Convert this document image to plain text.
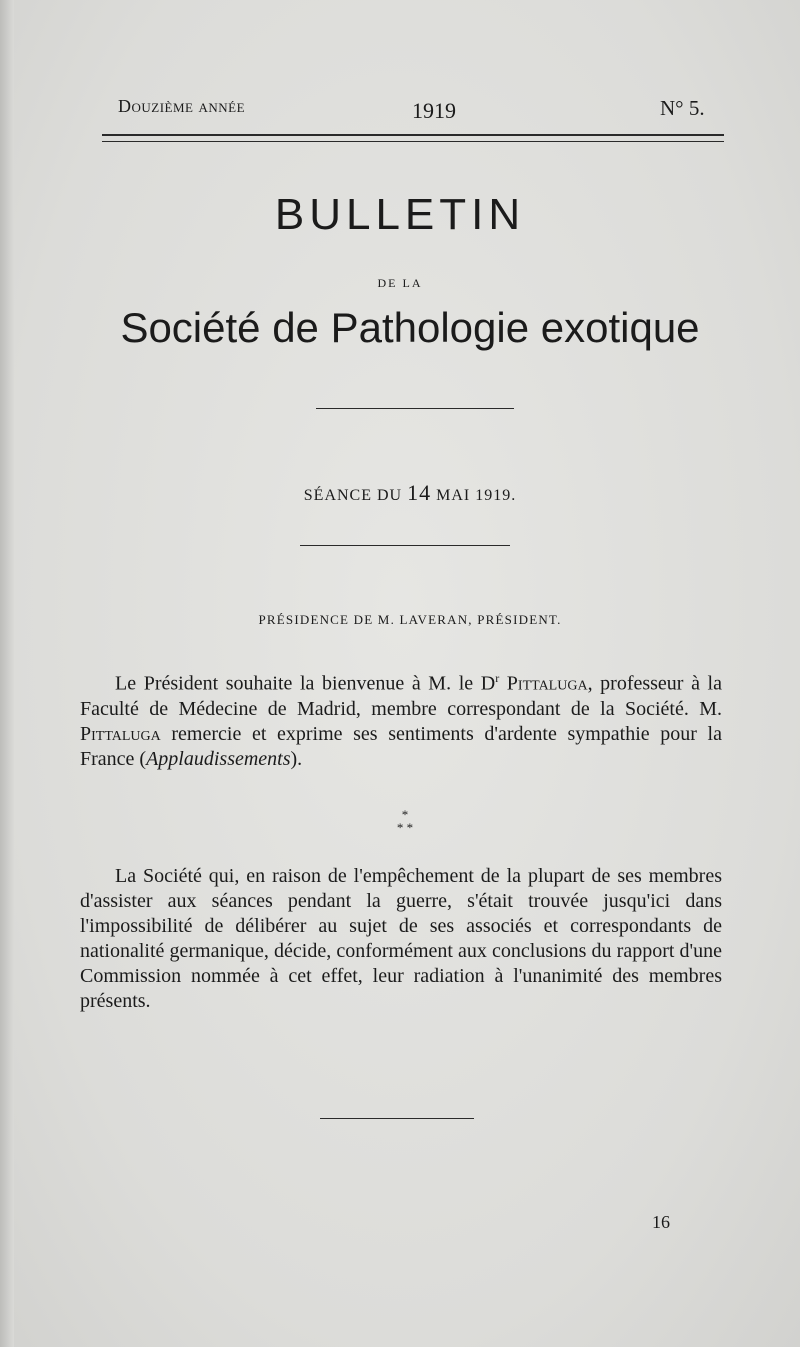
Douzième année	1919	N° 5.
BULLETIN
DE LA
Société de Pathologie exotique
SÉANCE DU 14 MAI 1919.
PRÉSIDENCE DE M. LAVERAN, PRÉSIDENT.

Le Président souhaite la bienvenue à M. le $D^r$ Pittaluga, professeur à la Faculté de Médecine de Madrid, membre correspondant de la Société. M. Pittaluga remercie et exprime ses sentiments d'ardente sympathie pour la France (Applaudissements).

*
* *

La Société qui, en raison de l'empêchement de la plupart de ses membres d'assister aux séances pendant la guerre, s'était trouvée jusqu'ici dans l'impossibilité de délibérer au sujet de ses associés et correspondants de nationalité germanique, décide, conformément aux conclusions du rapport d'une Commission nommée à cet effet, leur radiation à l'unanimité des membres présents.

16
